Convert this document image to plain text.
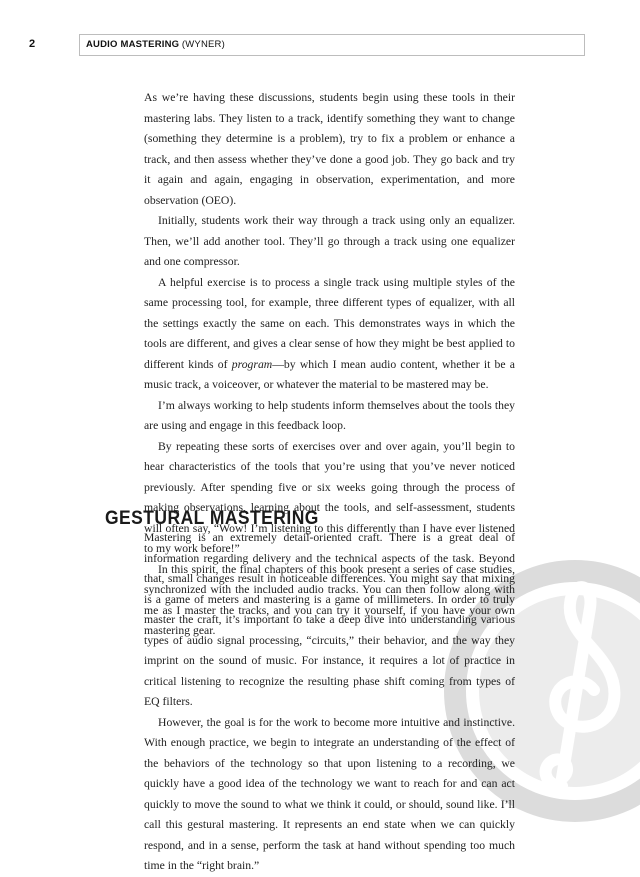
2	AUDIO MASTERING (WYNER)

As we’re having these discussions, students begin using these tools in their mastering labs. They listen to a track, identify something they want to change (something they determine is a problem), try to fix a problem or enhance a track, and then assess whether they’ve done a good job. They go back and try it again and again, engaging in observation, experimentation, and more observation (OEO).

Initially, students work their way through a track using only an equalizer. Then, we’ll add another tool. They’ll go through a track using one equalizer and one compressor.

A helpful exercise is to process a single track using multiple styles of the same processing tool, for example, three different types of equalizer, with all the settings exactly the same on each. This demonstrates ways in which the tools are different, and gives a clear sense of how they might be best applied to different kinds of program—by which I mean audio content, whether it be a music track, a voiceover, or whatever the material to be mastered may be.

I’m always working to help students inform themselves about the tools they are using and engage in this feedback loop.

By repeating these sorts of exercises over and over again, you’ll begin to hear characteristics of the tools that you’re using that you’ve never noticed previously. After spending five or six weeks going through the process of making observations, learning about the tools, and self-assessment, students will often say, “Wow! I’m listening to this differently than I have ever listened to my work before!”

In this spirit, the final chapters of this book present a series of case studies, synchronized with the included audio tracks. You can then follow along with me as I master the tracks, and you can try it yourself, if you have your own mastering gear.

GESTURAL MASTERING

Mastering is an extremely detail-oriented craft. There is a great deal of information regarding delivery and the technical aspects of the task. Beyond that, small changes result in noticeable differences. You might say that mixing is a game of meters and mastering is a game of millimeters. In order to truly master the craft, it’s important to take a deep dive into understanding various types of audio signal processing, “circuits,” their behavior, and the way they imprint on the sound of music. For instance, it requires a lot of practice in critical listening to recognize the resulting phase shift coming from types of EQ filters.

However, the goal is for the work to become more intuitive and instinctive. With enough practice, we begin to integrate an understanding of the effect of the behaviors of the technology so that upon listening to a recording, we quickly have a good idea of the technology we want to reach for and can act quickly to move the sound to what we think it could, or should, sound like. I’ll call this gestural mastering. It represents an end state when we can quickly respond, and in a sense, perform the task at hand without spending too much time in the “right brain.”
